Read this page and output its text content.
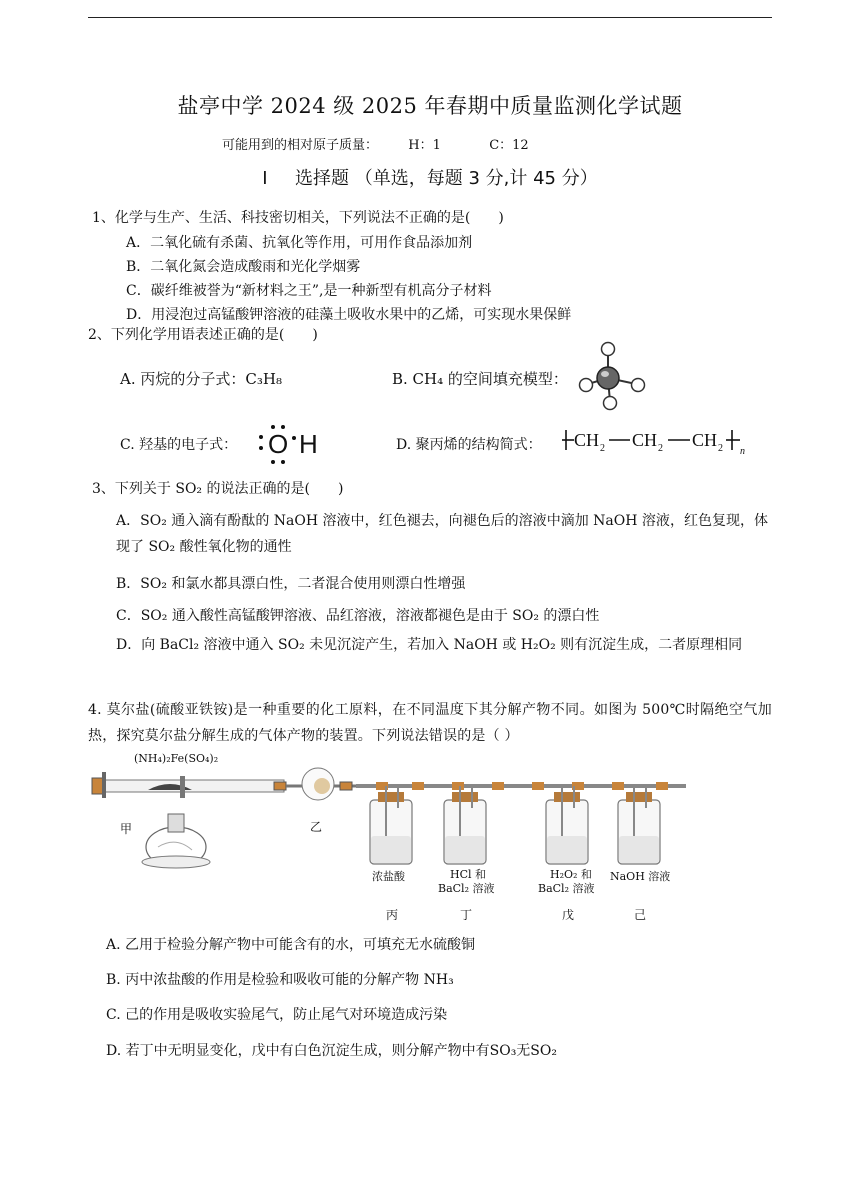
盐亭中学 2024 级 2025 年春期中质量监测化学试题
可能用到的相对原子质量： H：1	C：12
Ⅰ 选择题 （单选，每题 3 分,计 45 分）
1、化学与生产、生活、科技密切相关，下列说法不正确的是(　　)
A．二氧化硫有杀菌、抗氧化等作用，可用作食品添加剂
B．二氧化氮会造成酸雨和光化学烟雾
C．碳纤维被誉为“新材料之王”,是一种新型有机高分子材料
D．用浸泡过高锰酸钾溶液的硅藻土吸收水果中的乙烯，可实现水果保鲜
2、下列化学用语表述正确的是(　　)
A. 丙烷的分子式：C₃H₈	B. CH₄ 的空间填充模型：
C. 羟基的电子式： O H	D. 聚丙烯的结构简式： CH 2 CH 2 CH 2 n
3、下列关于 SO₂ 的说法正确的是(　　)
A．SO₂ 通入滴有酚酞的 NaOH 溶液中，红色褪去，向褪色后的溶液中滴加 NaOH 溶液，红色复现，体现了 SO₂ 酸性氧化物的通性
B．SO₂ 和氯水都具漂白性，二者混合使用则漂白性增强
C．SO₂ 通入酸性高锰酸钾溶液、品红溶液，溶液都褪色是由于 SO₂ 的漂白性
D．向 BaCl₂ 溶液中通入 SO₂ 未见沉淀产生，若加入 NaOH 或 H₂O₂ 则有沉淀生成，二者原理相同
4. 莫尔盐(硫酸亚铁铵)是一种重要的化工原料，在不同温度下其分解产物不同。如图为 500℃时隔绝空气加热，探究莫尔盐分解生成的气体产物的装置。下列说法错误的是（ ）
(NH₄)₂Fe(SO₄)₂
甲	乙
浓盐酸	HCl 和
BaCl₂ 溶液
H₂O₂ 和
BaCl₂ 溶液
NaOH 溶液
丙	丁	戊	己
A. 乙用于检验分解产物中可能含有的水，可填充无水硫酸铜
B. 丙中浓盐酸的作用是检验和吸收可能的分解产物 NH₃
C. 己的作用是吸收实验尾气，防止尾气对环境造成污染
D. 若丁中无明显变化，戊中有白色沉淀生成，则分解产物中有SO₃无SO₂
